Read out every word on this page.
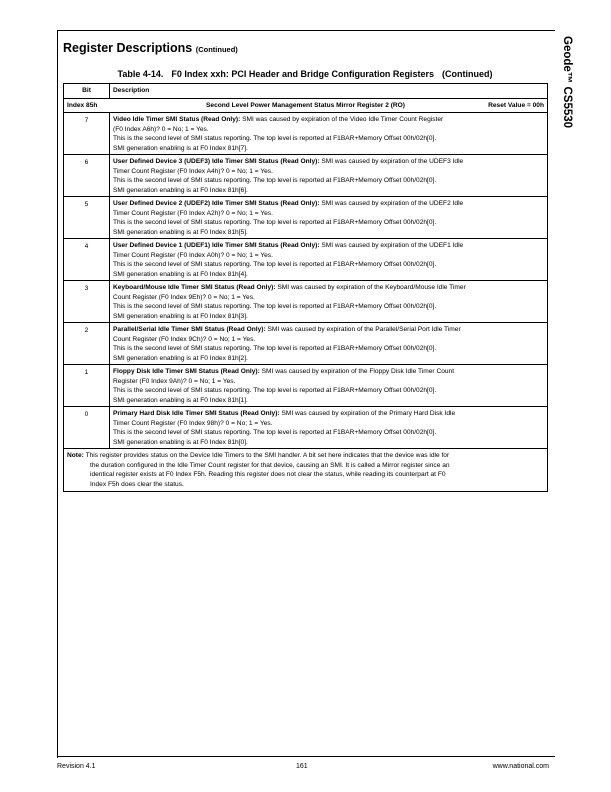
Geode™ CS5530
Register Descriptions (Continued)
Table 4-14. F0 Index xxh: PCI Header and Bridge Configuration Registers (Continued)
Bit	Description

Index 85h Second Level Power Management Status Mirror Register 2 (RO) Reset Value = 00h	

7	Video Idle Timer SMI Status (Read Only): SMI was caused by expiration of the Video Idle Timer Count Register
(F0 Index A6h)? 0 = No; 1 = Yes.
This is the second level of SMI status reporting. The top level is reported at F1BAR+Memory Offset 00h/02h[0].
SMI generation enabling is at F0 Index 81h[7].

6	User Defined Device 3 (UDEF3) Idle Timer SMI Status (Read Only): SMI was caused by expiration of the UDEF3 Idle
Timer Count Register (F0 Index A4h)? 0 = No; 1 = Yes.
This is the second level of SMI status reporting. The top level is reported at F1BAR+Memory Offset 00h/02h[0].
SMI generation enabling is at F0 Index 81h[6].

5	User Defined Device 2 (UDEF2) Idle Timer SMI Status (Read Only): SMI was caused by expiration of the UDEF2 Idle
Timer Count Register (F0 Index A2h)? 0 = No; 1 = Yes.
This is the second level of SMI status reporting. The top level is reported at F1BAR+Memory Offset 00h/02h[0].
SMI generation enabling is at F0 Index 81h[5].

4	User Defined Device 1 (UDEF1) Idle Timer SMI Status (Read Only): SMI was caused by expiration of the UDEF1 Idle
Timer Count Register (F0 Index A0h)? 0 = No; 1 = Yes.
This is the second level of SMI status reporting. The top level is reported at F1BAR+Memory Offset 00h/02h[0].
SMI generation enabling is at F0 Index 81h[4].

3	Keyboard/Mouse Idle Timer SMI Status (Read Only): SMI was caused by expiration of the Keyboard/Mouse Idle Timer
Count Register (F0 Index 9Eh)? 0 = No; 1 = Yes.
This is the second level of SMI status reporting. The top level is reported at F1BAR+Memory Offset 00h/02h[0].
SMI generation enabling is at F0 Index 81h[3].

2	Parallel/Serial Idle Timer SMI Status (Read Only): SMI was caused by expiration of the Parallel/Serial Port Idle Timer
Count Register (F0 Index 9Ch)? 0 = No; 1 = Yes.
This is the second level of SMI status reporting. The top level is reported at F1BAR+Memory Offset 00h/02h[0].
SMI generation enabling is at F0 Index 81h[2].

1	Floppy Disk Idle Timer SMI Status (Read Only): SMI was caused by expiration of the Floppy Disk Idle Timer Count
Register (F0 Index 9Ah)? 0 = No; 1 = Yes.
This is the second level of SMI status reporting. The top level is reported at F1BAR+Memory Offset 00h/02h[0].
SMI generation enabling is at F0 Index 81h[1].

0	Primary Hard Disk Idle Timer SMI Status (Read Only): SMI was caused by expiration of the Primary Hard Disk Idle
Timer Count Register (F0 Index 98h)? 0 = No; 1 = Yes.
This is the second level of SMI status reporting. The top level is reported at F1BAR+Memory Offset 00h/02h[0].
SMI generation enabling is at F0 Index 81h[0].

Note: This register provides status on the Device Idle Timers to the SMI handler. A bit set here indicates that the device was idle for
the duration configured in the Idle Timer Count register for that device, causing an SMI. It is called a Mirror register since an
identical register exists at F0 Index F5h. Reading this register does not clear the status, while reading its counterpart at F0
Index F5h does clear the status.	
Revision 4.1	161	www.national.com
